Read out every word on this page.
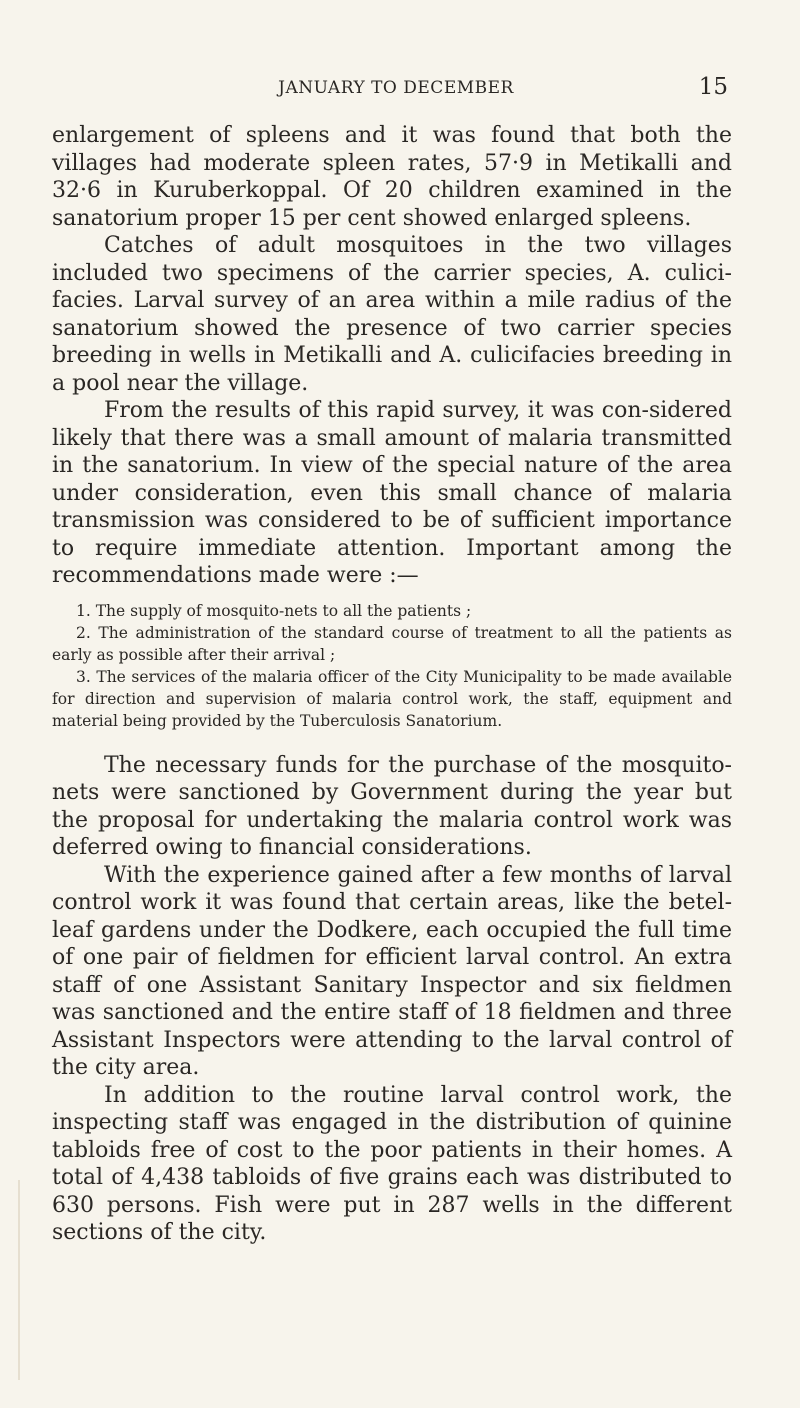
JANUARY TO DECEMBER	15

enlargement of spleens and it was found that both the villages had moderate spleen rates, 57·9 in Metikalli and 32·6 in Kuruberkoppal. Of 20 children examined in the sanatorium proper 15 per cent showed enlarged spleens.

Catches of adult mosquitoes in the two villages included two specimens of the carrier species, A. culici-facies. Larval survey of an area within a mile radius of the sanatorium showed the presence of two carrier species breeding in wells in Metikalli and A. culicifacies breeding in a pool near the village.

From the results of this rapid survey, it was con-sidered likely that there was a small amount of malaria transmitted in the sanatorium. In view of the special nature of the area under consideration, even this small chance of malaria transmission was considered to be of sufficient importance to require immediate attention. Important among the recommendations made were :—

1. The supply of mosquito-nets to all the patients ;

2. The administration of the standard course of treatment to all the patients as early as possible after their arrival ;

3. The services of the malaria officer of the City Municipality to be made available for direction and supervision of malaria control work, the staff, equipment and material being provided by the Tuberculosis Sanatorium.

The necessary funds for the purchase of the mosquito-nets were sanctioned by Government during the year but the proposal for undertaking the malaria control work was deferred owing to financial considerations.

With the experience gained after a few months of larval control work it was found that certain areas, like the betel-leaf gardens under the Dodkere, each occupied the full time of one pair of fieldmen for efficient larval control. An extra staff of one Assistant Sanitary Inspector and six fieldmen was sanctioned and the entire staff of 18 fieldmen and three Assistant Inspectors were attending to the larval control of the city area.

In addition to the routine larval control work, the inspecting staff was engaged in the distribution of quinine tabloids free of cost to the poor patients in their homes. A total of 4,438 tabloids of five grains each was distributed to 630 persons. Fish were put in 287 wells in the different sections of the city.
